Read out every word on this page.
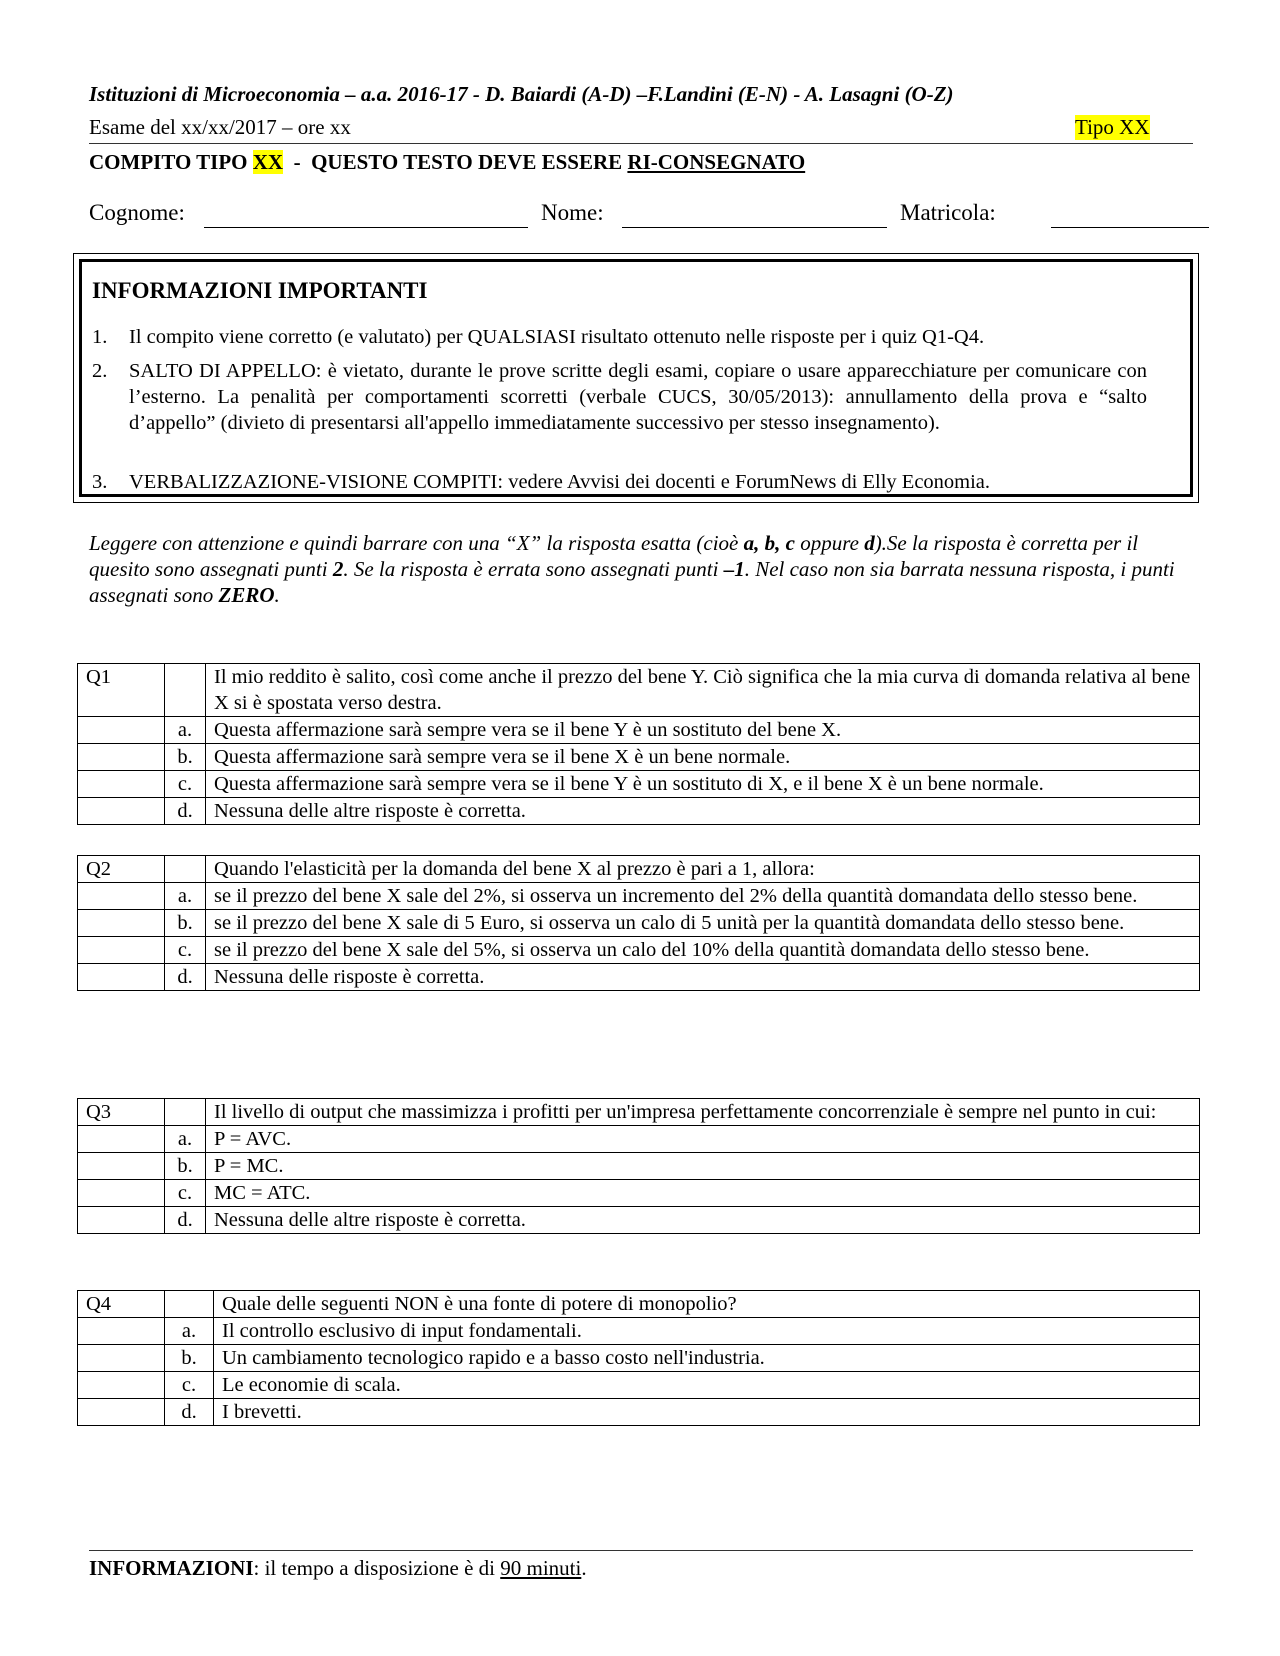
Istituzioni di Microeconomia – a.a. 2016-17 - D. Baiardi (A-D) –F.Landini (E-N) - A. Lasagni (O-Z)
Esame del xx/xx/2017 – ore xx	Tipo XX
COMPITO TIPO XX  -  QUESTO TESTO DEVE ESSERE RI-CONSEGNATO
Cognome:	Nome:	Matricola:
INFORMAZIONI IMPORTANTI
1.	Il compito viene corretto (e valutato) per QUALSIASI risultato ottenuto nelle risposte per i quiz Q1-Q4.
2.	SALTO DI APPELLO: è vietato, durante le prove scritte degli esami, copiare o usare apparecchiature per comunicare con l’esterno. La penalità per comportamenti scorretti (verbale CUCS, 30/05/2013): annullamento della prova e “salto d’appello” (divieto di presentarsi all'appello immediatamente successivo per stesso insegnamento).
3.	VERBALIZZAZIONE-VISIONE COMPITI: vedere Avvisi dei docenti e ForumNews di Elly Economia.
Leggere con attenzione e quindi barrare con una “X” la risposta esatta (cioè a, b, c oppure d).Se la risposta è corretta per il quesito sono assegnati punti 2. Se la risposta è errata sono assegnati punti –1. Nel caso non sia barrata nessuna risposta, i punti assegnati sono ZERO.
Q1		Il mio reddito è salito, così come anche il prezzo del bene Y. Ciò significa che la mia curva di domanda relativa al bene X si è spostata verso destra.
	a.	Questa affermazione sarà sempre vera se il bene Y è un sostituto del bene X.
	b.	Questa affermazione sarà sempre vera se il bene X è un bene normale.
	c.	Questa affermazione sarà sempre vera se il bene Y è un sostituto di X, e il bene X è un bene normale.
	d.	Nessuna delle altre risposte è corretta.
Q2		Quando l'elasticità per la domanda del bene X al prezzo è pari a 1, allora:
	a.	se il prezzo del bene X sale del 2%, si osserva un incremento del 2% della quantità domandata dello stesso bene.
	b.	se il prezzo del bene X sale di 5 Euro, si osserva un calo di 5 unità per la quantità domandata dello stesso bene.
	c.	se il prezzo del bene X sale del 5%, si osserva un calo del 10% della quantità domandata dello stesso bene.
	d.	Nessuna delle risposte è corretta.
Q3		Il livello di output che massimizza i profitti per un'impresa perfettamente concorrenziale è sempre nel punto in cui:
	a.	P = AVC.
	b.	P = MC.
	c.	MC = ATC.
	d.	Nessuna delle altre risposte è corretta.
Q4		Quale delle seguenti NON è una fonte di potere di monopolio?
	a.	Il controllo esclusivo di input fondamentali.
	b.	Un cambiamento tecnologico rapido e a basso costo nell'industria.
	c.	Le economie di scala.
	d.	I brevetti.
INFORMAZIONI: il tempo a disposizione è di 90 minuti.
